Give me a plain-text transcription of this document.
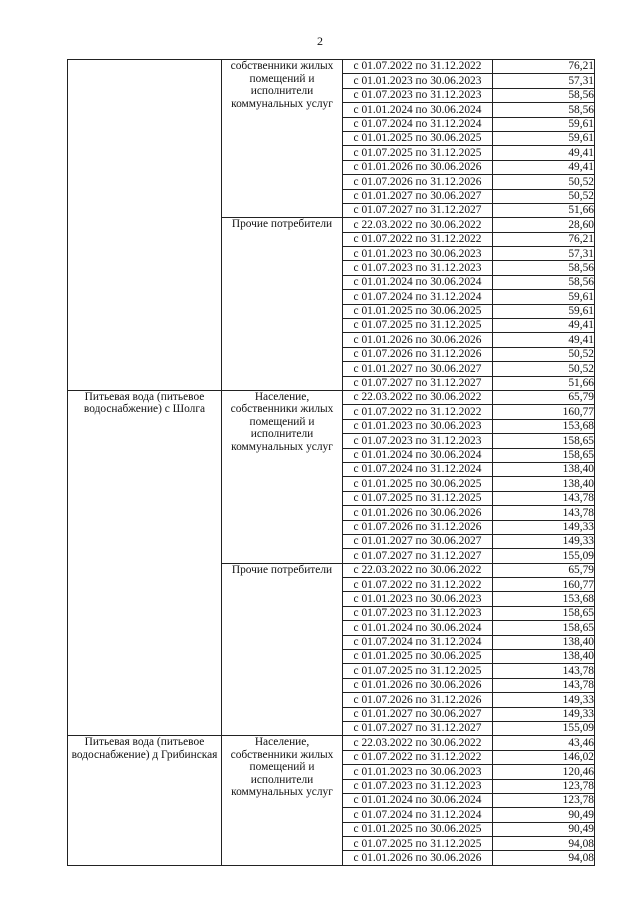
2
	собственники жилых помещений и исполнители коммунальных услуг	с 01.07.2022 по 31.12.2022	76,21
		с 01.01.2023 по 30.06.2023	57,31
		с 01.07.2023 по 31.12.2023	58,56
		с 01.01.2024 по 30.06.2024	58,56
		с 01.07.2024 по 31.12.2024	59,61
		с 01.01.2025 по 30.06.2025	59,61
		с 01.07.2025 по 31.12.2025	49,41
		с 01.01.2026 по 30.06.2026	49,41
		с 01.07.2026 по 31.12.2026	50,52
		с 01.01.2027 по 30.06.2027	50,52
		с 01.07.2027 по 31.12.2027	51,66
	Прочие потребители	с 22.03.2022 по 30.06.2022	28,60
		с 01.07.2022 по 31.12.2022	76,21
		с 01.01.2023 по 30.06.2023	57,31
		с 01.07.2023 по 31.12.2023	58,56
		с 01.01.2024 по 30.06.2024	58,56
		с 01.07.2024 по 31.12.2024	59,61
		с 01.01.2025 по 30.06.2025	59,61
		с 01.07.2025 по 31.12.2025	49,41
		с 01.01.2026 по 30.06.2026	49,41
		с 01.07.2026 по 31.12.2026	50,52
		с 01.01.2027 по 30.06.2027	50,52
		с 01.07.2027 по 31.12.2027	51,66
Питьевая вода (питьевое водоснабжение) с Шолга	Население, собственники жилых помещений и исполнители коммунальных услуг	с 22.03.2022 по 30.06.2022	65,79
		с 01.07.2022 по 31.12.2022	160,77
		с 01.01.2023 по 30.06.2023	153,68
		с 01.07.2023 по 31.12.2023	158,65
		с 01.01.2024 по 30.06.2024	158,65
		с 01.07.2024 по 31.12.2024	138,40
		с 01.01.2025 по 30.06.2025	138,40
		с 01.07.2025 по 31.12.2025	143,78
		с 01.01.2026 по 30.06.2026	143,78
		с 01.07.2026 по 31.12.2026	149,33
		с 01.01.2027 по 30.06.2027	149,33
		с 01.07.2027 по 31.12.2027	155,09
	Прочие потребители	с 22.03.2022 по 30.06.2022	65,79
		с 01.07.2022 по 31.12.2022	160,77
		с 01.01.2023 по 30.06.2023	153,68
		с 01.07.2023 по 31.12.2023	158,65
		с 01.01.2024 по 30.06.2024	158,65
		с 01.07.2024 по 31.12.2024	138,40
		с 01.01.2025 по 30.06.2025	138,40
		с 01.07.2025 по 31.12.2025	143,78
		с 01.01.2026 по 30.06.2026	143,78
		с 01.07.2026 по 31.12.2026	149,33
		с 01.01.2027 по 30.06.2027	149,33
		с 01.07.2027 по 31.12.2027	155,09
Питьевая вода (питьевое водоснабжение) д Грибинская	Население, собственники жилых помещений и исполнители коммунальных услуг	с 22.03.2022 по 30.06.2022	43,46
		с 01.07.2022 по 31.12.2022	146,02
		с 01.01.2023 по 30.06.2023	120,46
		с 01.07.2023 по 31.12.2023	123,78
		с 01.01.2024 по 30.06.2024	123,78
		с 01.07.2024 по 31.12.2024	90,49
		с 01.01.2025 по 30.06.2025	90,49
		с 01.07.2025 по 31.12.2025	94,08
		с 01.01.2026 по 30.06.2026	94,08
